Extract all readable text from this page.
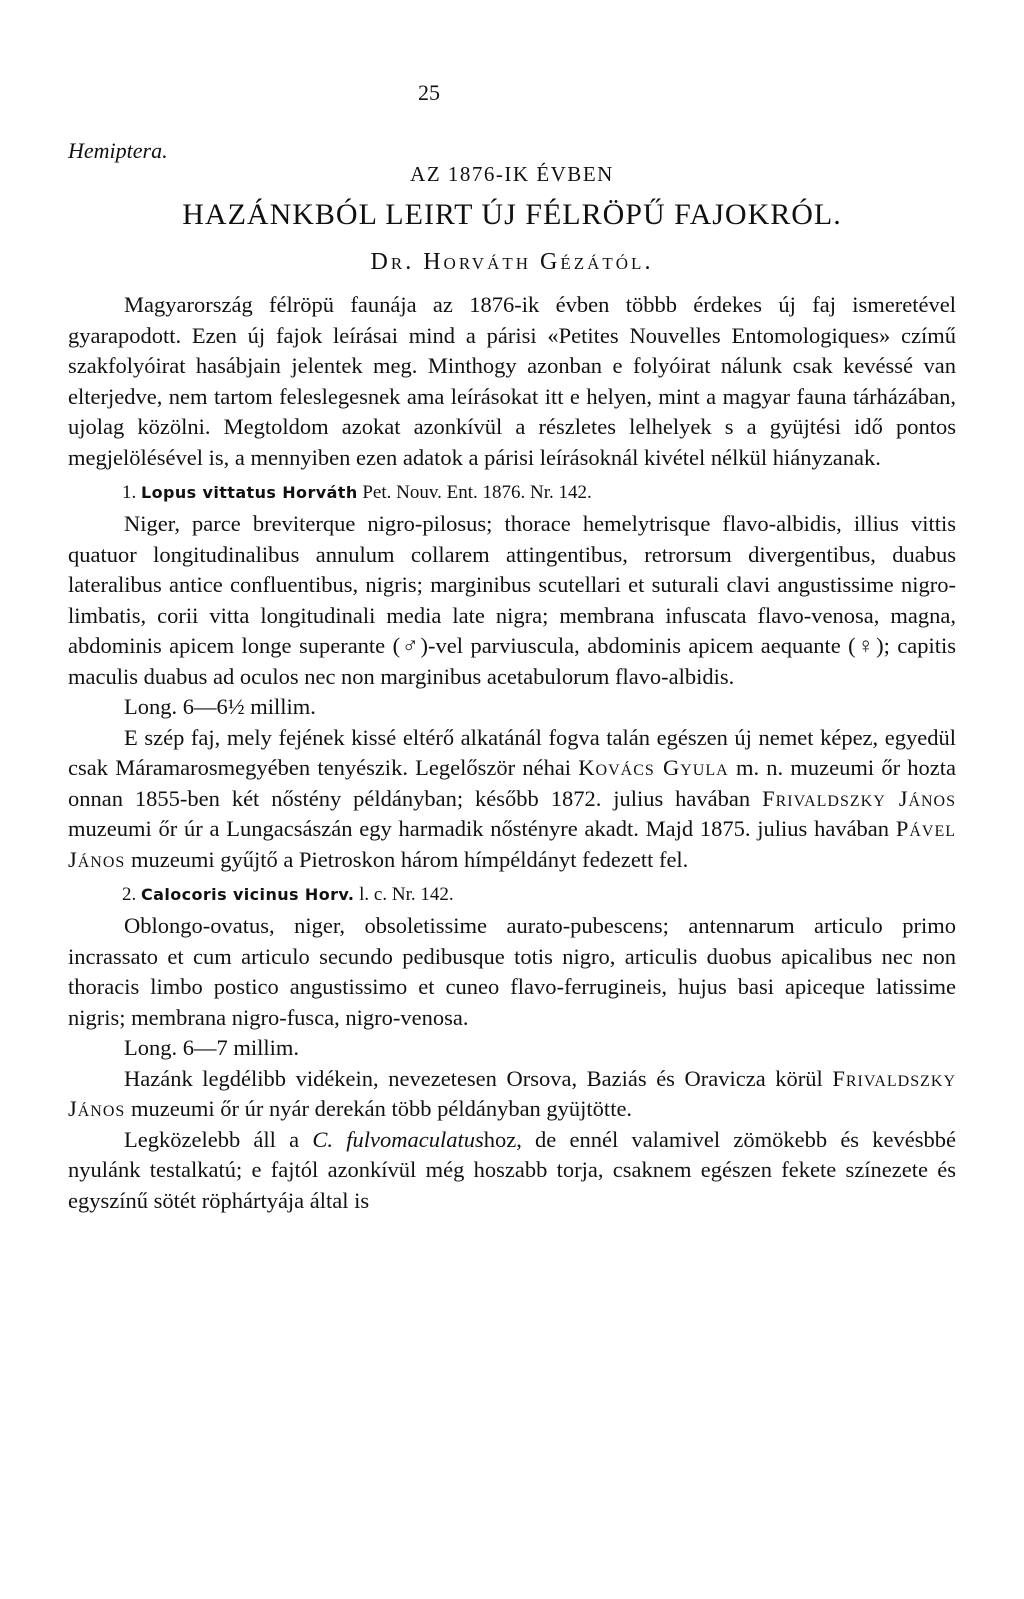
25
Hemiptera.
AZ 1876-IK ÉVBEN
HAZÁNKBÓL LEIRT ÚJ FÉLRÖPŰ FAJOKRÓL.
Dr. Horváth Gézától.

Magyarország félröpü faunája az 1876-ik évben többb érdekes új faj ismeretével gyarapodott. Ezen új fajok leírásai mind a párisi «Petites Nouvelles Entomologiques» czímű szakfolyóirat hasábjain jelentek meg. Minthogy azonban e folyóirat nálunk csak kevéssé van elterjedve, nem tartom feleslegesnek ama leírásokat itt e helyen, mint a magyar fauna tárházában, ujolag közölni. Megtoldom azokat azonkívül a részletes lelhelyek s a gyüjtési idő pontos megjelölésével is, a mennyiben ezen adatok a párisi leírásoknál kivétel nélkül hiányzanak.

1. Lopus vittatus Horváth Pet. Nouv. Ent. 1876. Nr. 142.

Niger, parce breviterque nigro-pilosus; thorace hemelytrisque flavo-albidis, illius vittis quatuor longitudinalibus annulum collarem attingentibus, retrorsum divergentibus, duabus lateralibus antice confluentibus, nigris; marginibus scutellari et suturali clavi angustissime nigro-limbatis, corii vitta longitudinali media late nigra; membrana infuscata flavo-venosa, magna, abdominis apicem longe superante (♂)-vel parviuscula, abdominis apicem aequante (♀); capitis maculis duabus ad oculos nec non marginibus acetabulorum flavo-albidis.

Long. 6—6½ millim.

E szép faj, mely fejének kissé eltérő alkatánál fogva talán egészen új nemet képez, egyedül csak Máramarosmegyében tenyészik. Legelőször néhai Kovács Gyula m. n. muzeumi őr hozta onnan 1855-ben két nőstény példányban; később 1872. julius havában Frivaldszky János muzeumi őr úr a Lungacsászán egy harmadik nőstényre akadt. Majd 1875. julius havában Pável János muzeumi gyűjtő a Pietroskon három hímpéldányt fedezett fel.

2. Calocoris vicinus Horv. l. c. Nr. 142.

Oblongo-ovatus, niger, obsoletissime aurato-pubescens; antennarum articulo primo incrassato et cum articulo secundo pedibusque totis nigro, articulis duobus apicalibus nec non thoracis limbo postico angustissimo et cuneo flavo-ferrugineis, hujus basi apiceque latissime nigris; membrana nigro-fusca, nigro-venosa.

Long. 6—7 millim.

Hazánk legdélibb vidékein, nevezetesen Orsova, Baziás és Oravicza körül Frivaldszky János muzeumi őr úr nyár derekán több példányban gyüjtötte.

Legközelebb áll a C. fulvomaculatushoz, de ennél valamivel zömökebb és kevésbbé nyulánk testalkatú; e fajtól azonkívül még hoszabb torja, csaknem egészen fekete színezete és egyszínű sötét röphártyája által is
